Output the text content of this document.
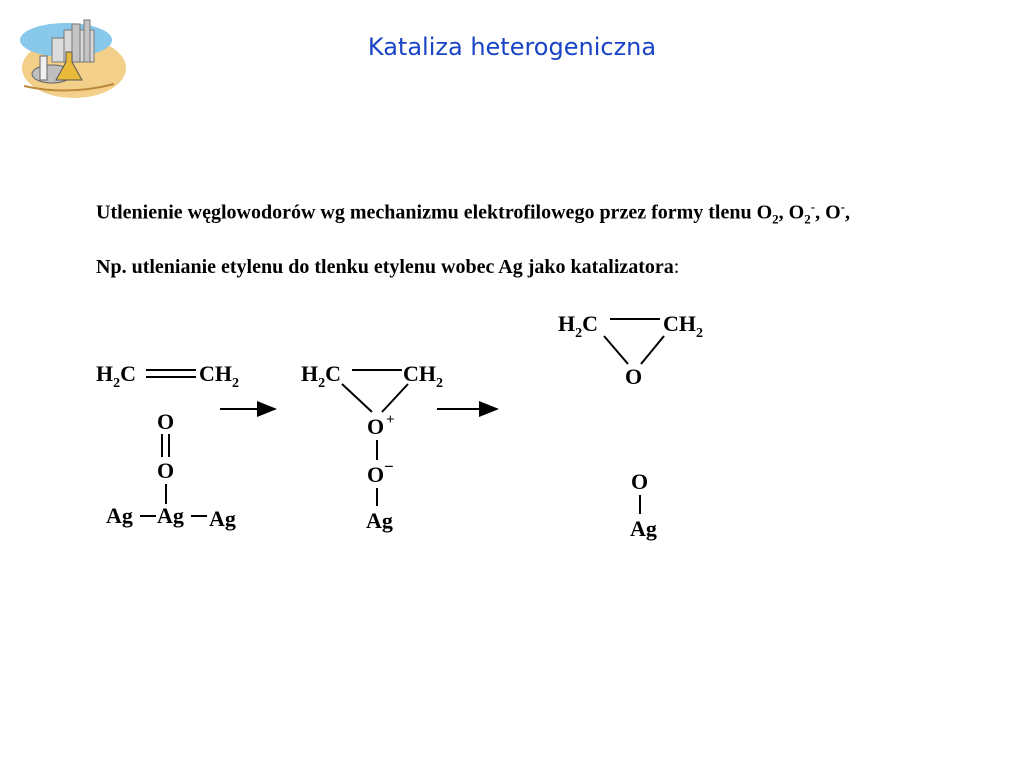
Kataliza heterogeniczna
Utlenienie węglowodorów wg mechanizmu elektrofilowego przez formy tlenu $O_2$, $O_2^-$, O-,
Np. utlenianie etylenu do tlenku etylenu wobec Ag jako katalizatora:
$H_2C$	$CH_2$
O
O
Ag Ag Ag
$H_2C$	$CH_2$
O +
O −
Ag
$H_2C$	$CH_2$
O
O
Ag
